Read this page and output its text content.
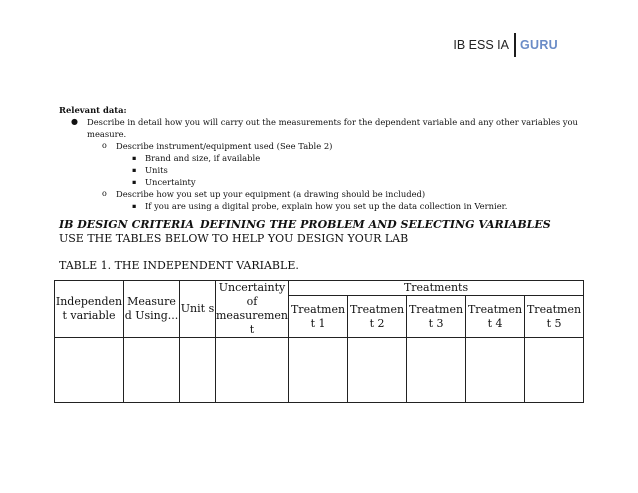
IB ESS IA GURU
Relevant data:
● Describe in detail how you will carry out the measurements for the dependent variable and any other variables you measure.
o Describe instrument/equipment used (See Table 2)
▪ Brand and size, if available
▪ Units
▪ Uncertainty
o Describe how you set up your equipment (a drawing should be included)
▪ If you are using a digital probe, explain how you set up the data collection in Vernier.
IB DESIGN CRITERIA DEFINING THE PROBLEM AND SELECTING VARIABLES
USE THE TABLES BELOW TO HELP YOU DESIGN YOUR LAB
TABLE 1. THE INDEPENDENT VARIABLE.
Independen t variable	Measure d Using...	Unit s	Uncertainty of measuremen t	Treatments				
				Treatmen t 1	Treatmen t 2	Treatmen t 3	Treatmen t 4	Treatmen t 5
